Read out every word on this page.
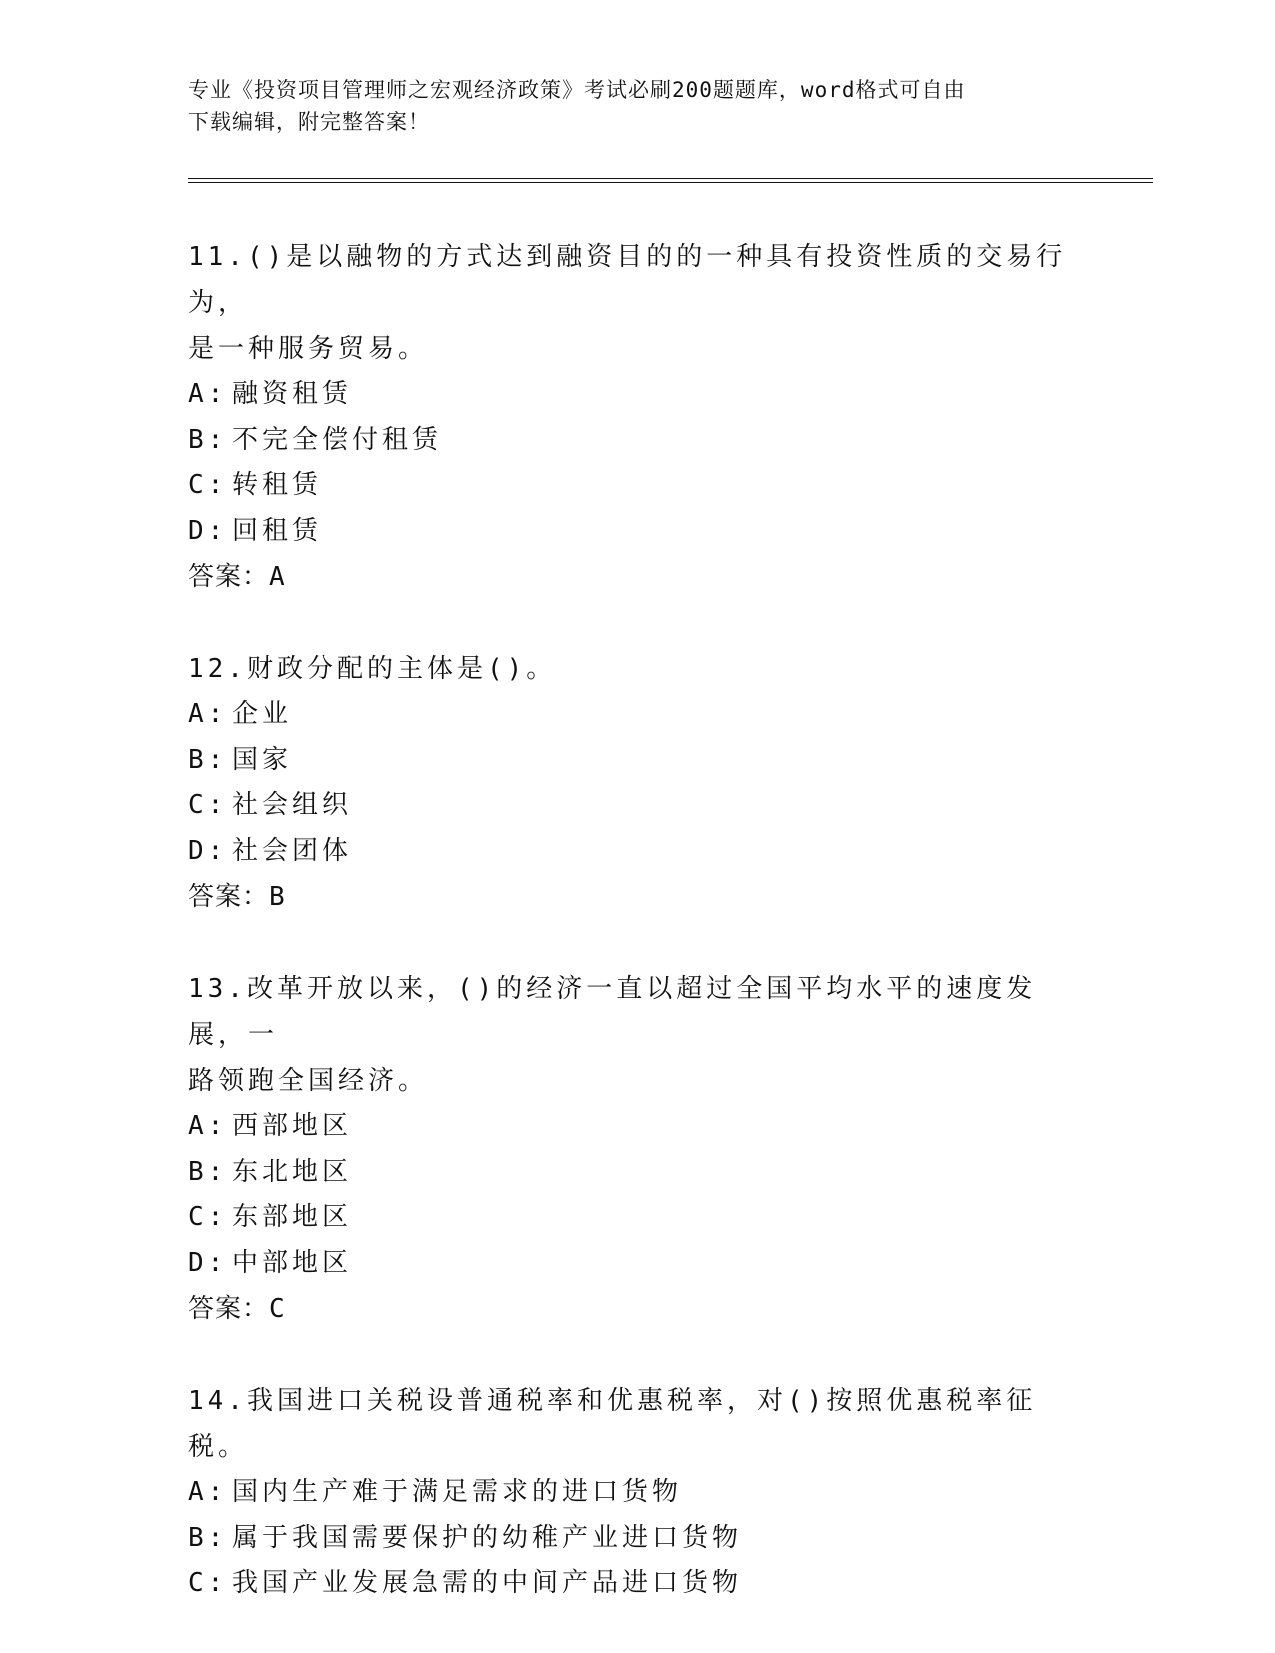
专业《投资项目管理师之宏观经济政策》考试必刷200题题库，word格式可自由
下载编辑，附完整答案！
11.()是以融物的方式达到融资目的的一种具有投资性质的交易行为，
是一种服务贸易。
A: 融资租赁
B: 不完全偿付租赁
C: 转租赁
D: 回租赁
答案：A
12.财政分配的主体是()。
A: 企业
B: 国家
C: 社会组织
D: 社会团体
答案：B
13.改革开放以来，()的经济一直以超过全国平均水平的速度发展，一
路领跑全国经济。
A: 西部地区
B: 东北地区
C: 东部地区
D: 中部地区
答案：C
14.我国进口关税设普通税率和优惠税率，对()按照优惠税率征税。
A: 国内生产难于满足需求的进口货物
B: 属于我国需要保护的幼稚产业进口货物
C: 我国产业发展急需的中间产品进口货物
